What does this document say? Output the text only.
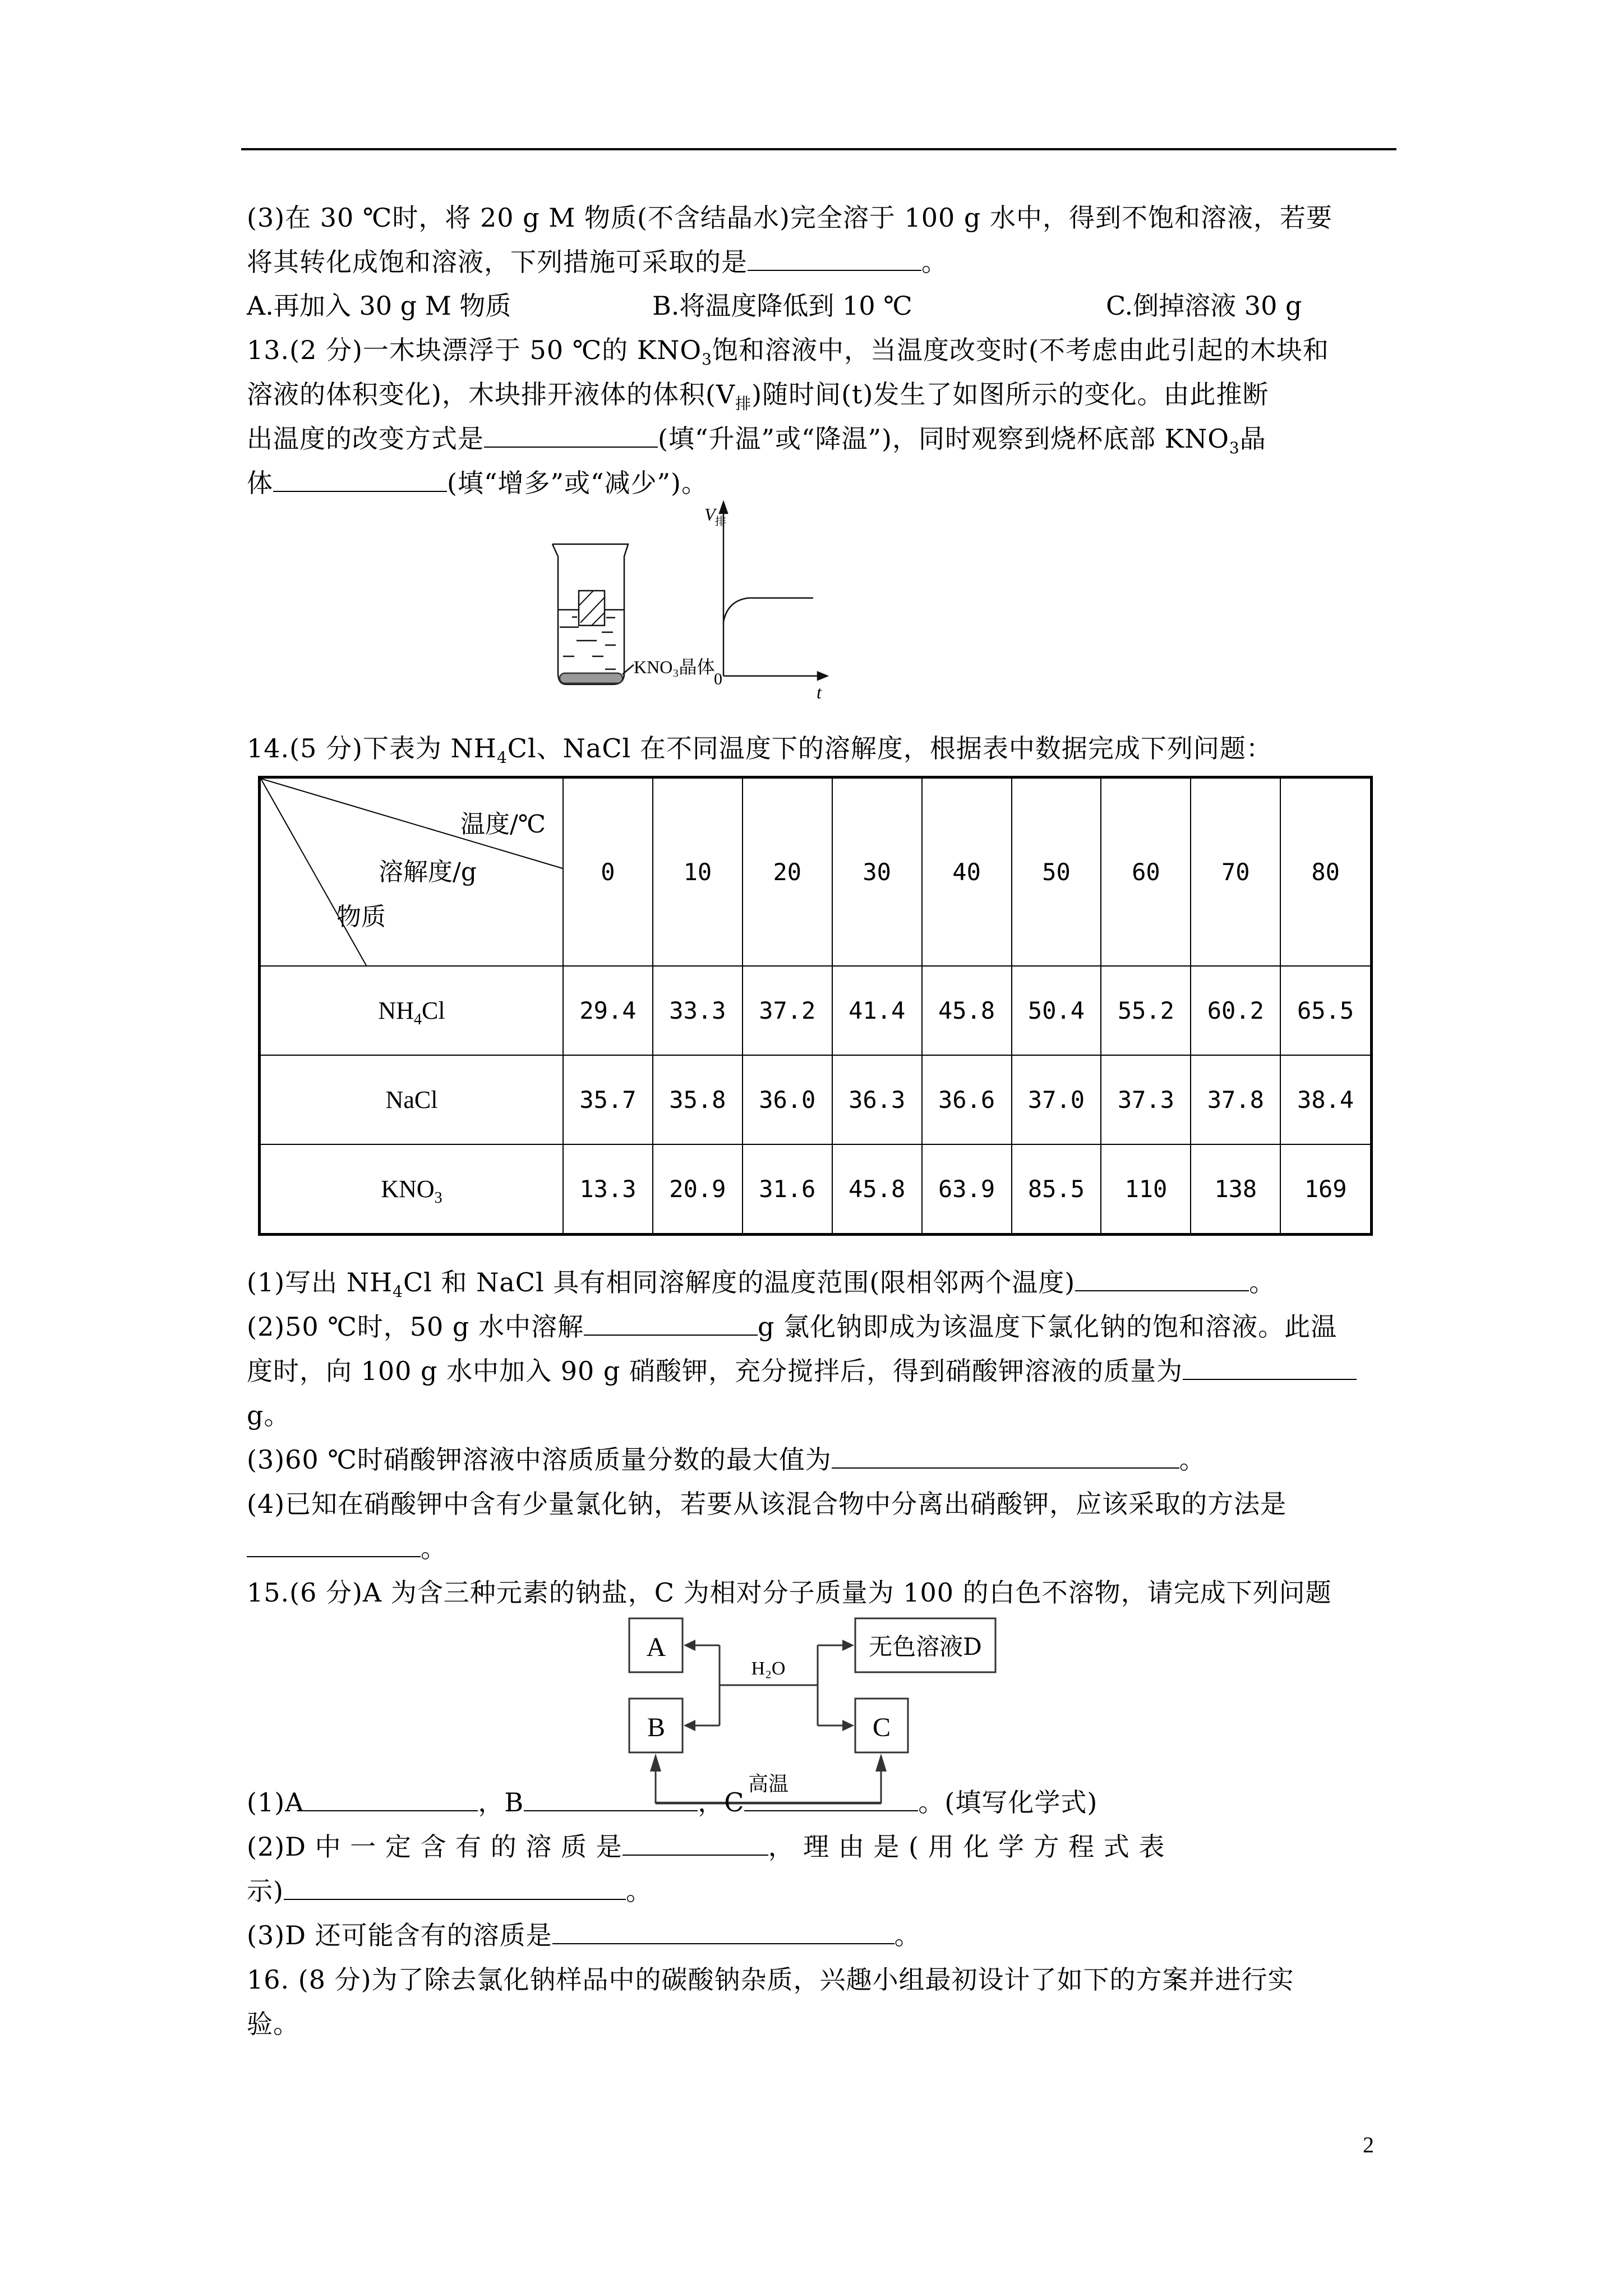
(3)在 30 ℃时，将 20 g M 物质(不含结晶水)完全溶于 100 g 水中，得到不饱和溶液，若要
将其转化成饱和溶液，下列措施可采取的是	。
A.再加入 30 g M 物质	B.将温度降低到 10 ℃	C.倒掉溶液 30 g
13.(2 分)一木块漂浮于 50 ℃的 $KNO_3$饱和溶液中，当温度改变时(不考虑由此引起的木块和
溶液的体积变化)，木块排开液体的体积$(V_排)$随时间(t)发生了如图所示的变化。由此推断
出温度的改变方式是	(填“升温”或“降温”)，同时观察到烧杯底部 $KNO_3$晶
体	(填“增多”或“减少”)。
KNO₃晶体
V 排
0
t
14.(5 分)下表为 $NH_4Cl$、NaCl 在不同温度下的溶解度，根据表中数据完成下列问题：
温度/℃
溶解度/g
物质	0	10	20	30	40	50	60	70	80
$NH_4Cl$	29.4	33.3	37.2	41.4	45.8	50.4	55.2	60.2	65.5
NaCl	35.7	35.8	36.0	36.3	36.6	37.0	37.3	37.8	38.4
$KNO_3$	13.3	20.9	31.6	45.8	63.9	85.5	110	138	169
(1)写出 $NH_4Cl$ 和 NaCl 具有相同溶解度的温度范围(限相邻两个温度)	。
(2)50 ℃时，50 g 水中溶解	g 氯化钠即成为该温度下氯化钠的饱和溶液。此温
度时，向 100 g 水中加入 90 g 硝酸钾，充分搅拌后，得到硝酸钾溶液的质量为
g。
(3)60 ℃时硝酸钾溶液中溶质质量分数的最大值为	。
(4)已知在硝酸钾中含有少量氯化钠，若要从该混合物中分离出硝酸钾，应该采取的方法是
。
15.(6 分)A 为含三种元素的钠盐，C 为相对分子质量为 100 的白色不溶物，请完成下列问题
A
B	C
无色溶液D
H₂O
高温
(1)A	，B	，C	。(填写化学式)
(2)D 中 一 定 含 有 的 溶 质 是	， 理 由 是 ( 用 化 学 方 程 式 表
示)	。
(3)D 还可能含有的溶质是	。
16. (8 分)为了除去氯化钠样品中的碳酸钠杂质，兴趣小组最初设计了如下的方案并进行实
验。
2
